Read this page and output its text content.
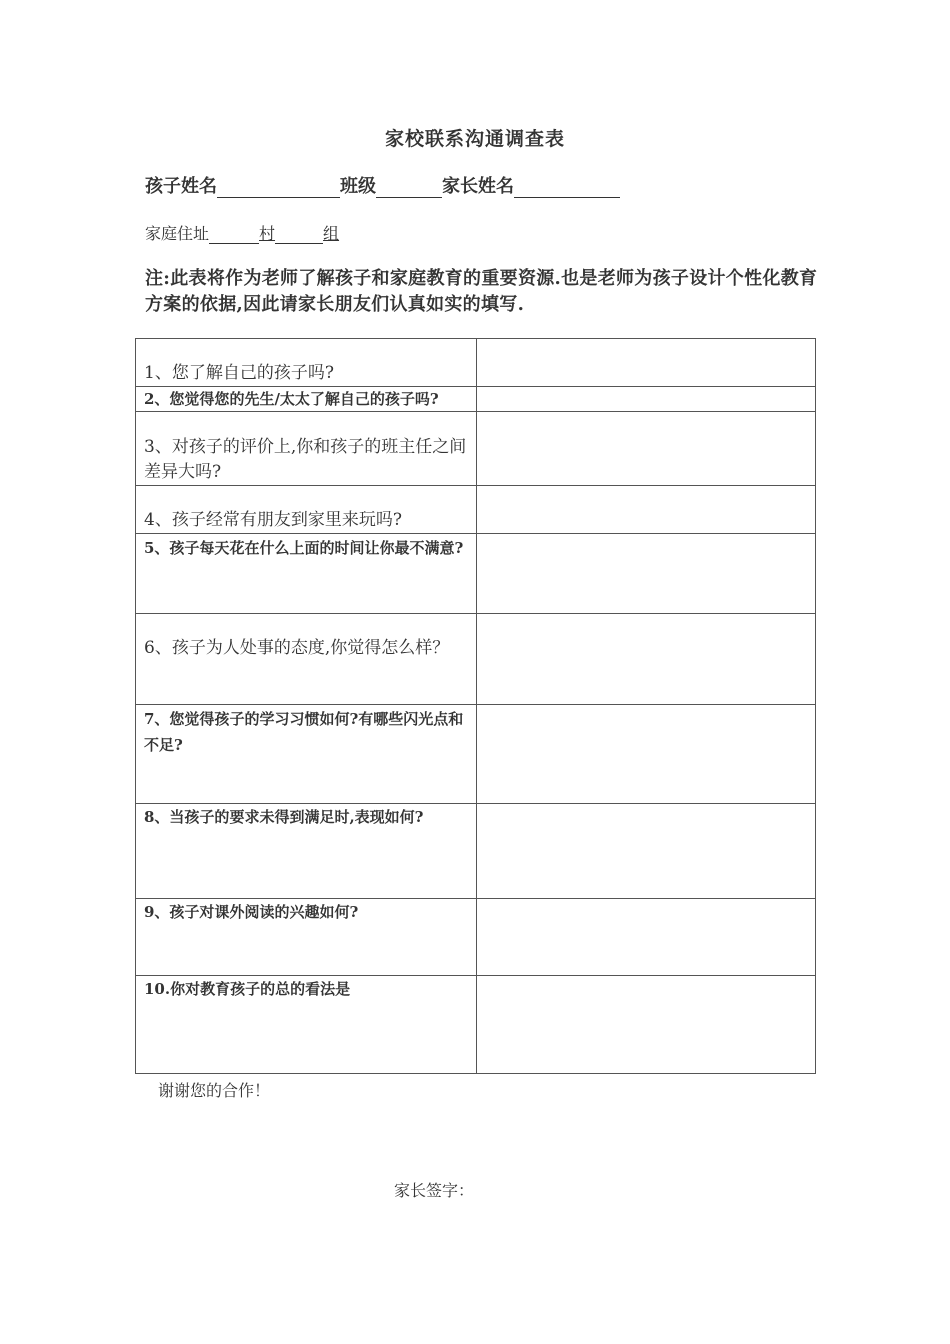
家校联系沟通调查表
孩子姓名	班级	家长姓名
家庭住址	村	组
注:此表将作为老师了解孩子和家庭教育的重要资源.也是老师为孩子设计个性化教育方案的依据,因此请家长朋友们认真如实的填写.
1、您了解自己的孩子吗?	

2、您觉得您的先生/太太了解自己的孩子吗?	

3、对孩子的评价上,你和孩子的班主任之间差异大吗?	

4、孩子经常有朋友到家里来玩吗?	

5、孩子每天花在什么上面的时间让你最不满意?	

6、孩子为人处事的态度,你觉得怎么样？	

7、您觉得孩子的学习习惯如何?有哪些闪光点和不足?	

8、当孩子的要求未得到满足时,表现如何?	

9、孩子对课外阅读的兴趣如何?	

10.你对教育孩子的总的看法是	

谢谢您的合作！
家长签字：
